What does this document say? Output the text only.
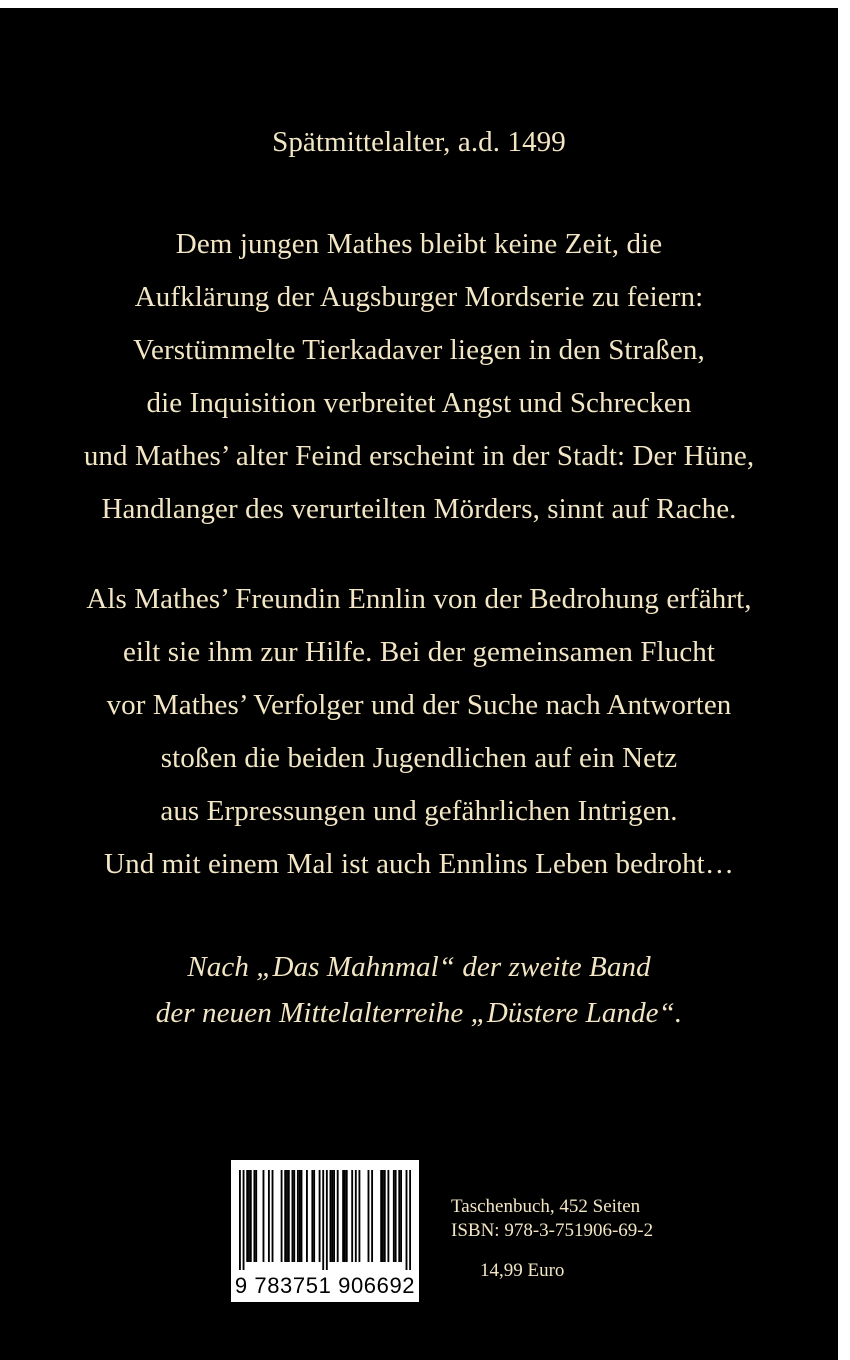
Spätmittelalter, a.d. 1499
Dem jungen Mathes bleibt keine Zeit, die
Aufklärung der Augsburger Mordserie zu feiern:
Verstümmelte Tierkadaver liegen in den Straßen,
die Inquisition verbreitet Angst und Schrecken
und Mathes’ alter Feind erscheint in der Stadt: Der Hüne,
Handlanger des verurteilten Mörders, sinnt auf Rache.
Als Mathes’ Freundin Ennlin von der Bedrohung erfährt,
eilt sie ihm zur Hilfe. Bei der gemeinsamen Flucht
vor Mathes’ Verfolger und der Suche nach Antworten
stoßen die beiden Jugendlichen auf ein Netz
aus Erpressungen und gefährlichen Intrigen.
Und mit einem Mal ist auch Ennlins Leben bedroht…
Nach „Das Mahnmal“ der zweite Band
der neuen Mittelalterreihe „Düstere Lande“.
9 783751 906692
Taschenbuch, 452 Seiten
ISBN: 978-3-751906-69-2
14,99 Euro
